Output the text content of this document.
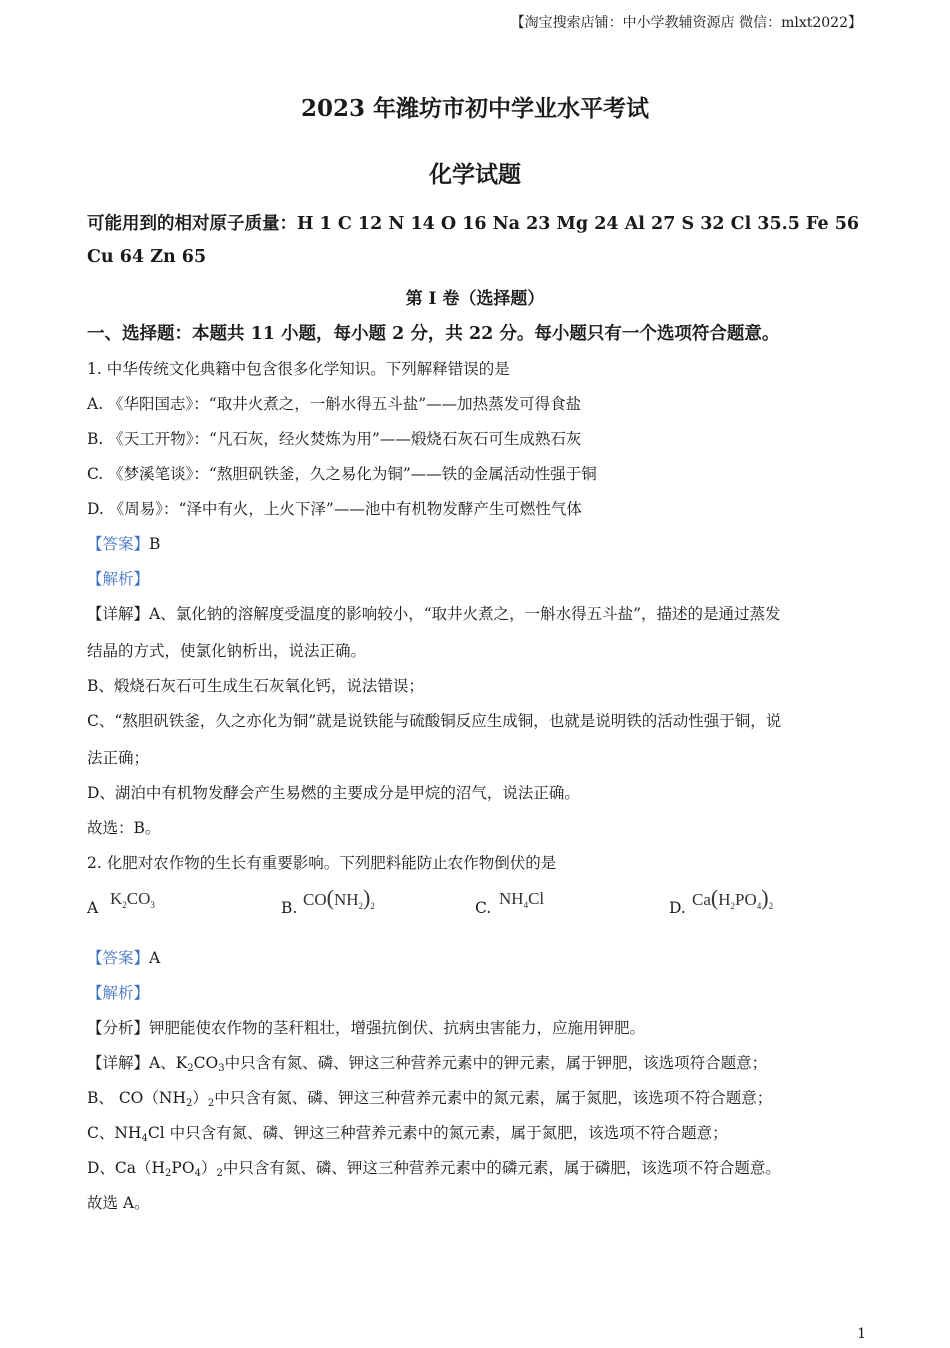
【淘宝搜索店铺：中小学教辅资源店 微信：mlxt2022】
2023 年潍坊市初中学业水平考试
化学试题
可能用到的相对原子质量：H 1 C 12 N 14 O 16 Na 23 Mg 24 Al 27 S 32 Cl 35.5 Fe 56
Cu 64 Zn 65
第 I 卷（选择题）
一、选择题：本题共 11 小题，每小题 2 分，共 22 分。每小题只有一个选项符合题意。
1. 中华传统文化典籍中包含很多化学知识。下列解释错误的是
A. 《华阳国志》：“取井火煮之，一斛水得五斗盐”——加热蒸发可得食盐
B. 《天工开物》：“凡石灰，经火焚炼为用”——煅烧石灰石可生成熟石灰
C. 《梦溪笔谈》：“熬胆矾铁釜，久之易化为铜”——铁的金属活动性强于铜
D. 《周易》：“泽中有火，上火下泽”——池中有机物发酵产生可燃性气体
【答案】B
【解析】
【详解】A、氯化钠的溶解度受温度的影响较小，“取井火煮之，一斛水得五斗盐”，描述的是通过蒸发
结晶的方式，使氯化钠析出，说法正确。
B、煅烧石灰石可生成生石灰氧化钙，说法错误；
C、“熬胆矾铁釜，久之亦化为铜”就是说铁能与硫酸铜反应生成铜，也就是说明铁的活动性强于铜，说
法正确；
D、湖泊中有机物发酵会产生易燃的主要成分是甲烷的沼气，说法正确。
故选：B。
2. 化肥对农作物的生长有重要影响。下列肥料能防止农作物倒伏的是
A $K_2CO_3$	B. $CO(NH_2)_2$	C. $NH_4Cl$	D. $Ca(H_2PO_4)_2$
【答案】A
【解析】
【分析】钾肥能使农作物的茎秆粗壮，增强抗倒伏、抗病虫害能力，应施用钾肥。
【详解】A、$K_2CO_3$中只含有氮、磷、钾这三种营养元素中的钾元素，属于钾肥，该选项符合题意；
B、 $CO(NH_2)_2$中只含有氮、磷、钾这三种营养元素中的氮元素，属于氮肥，该选项不符合题意；
C、$NH_4Cl$ 中只含有氮、磷、钾这三种营养元素中的氮元素，属于氮肥，该选项不符合题意；
D、$Ca(H_2PO_4)_2$中只含有氮、磷、钾这三种营养元素中的磷元素，属于磷肥，该选项不符合题意。
故选 A。
1
